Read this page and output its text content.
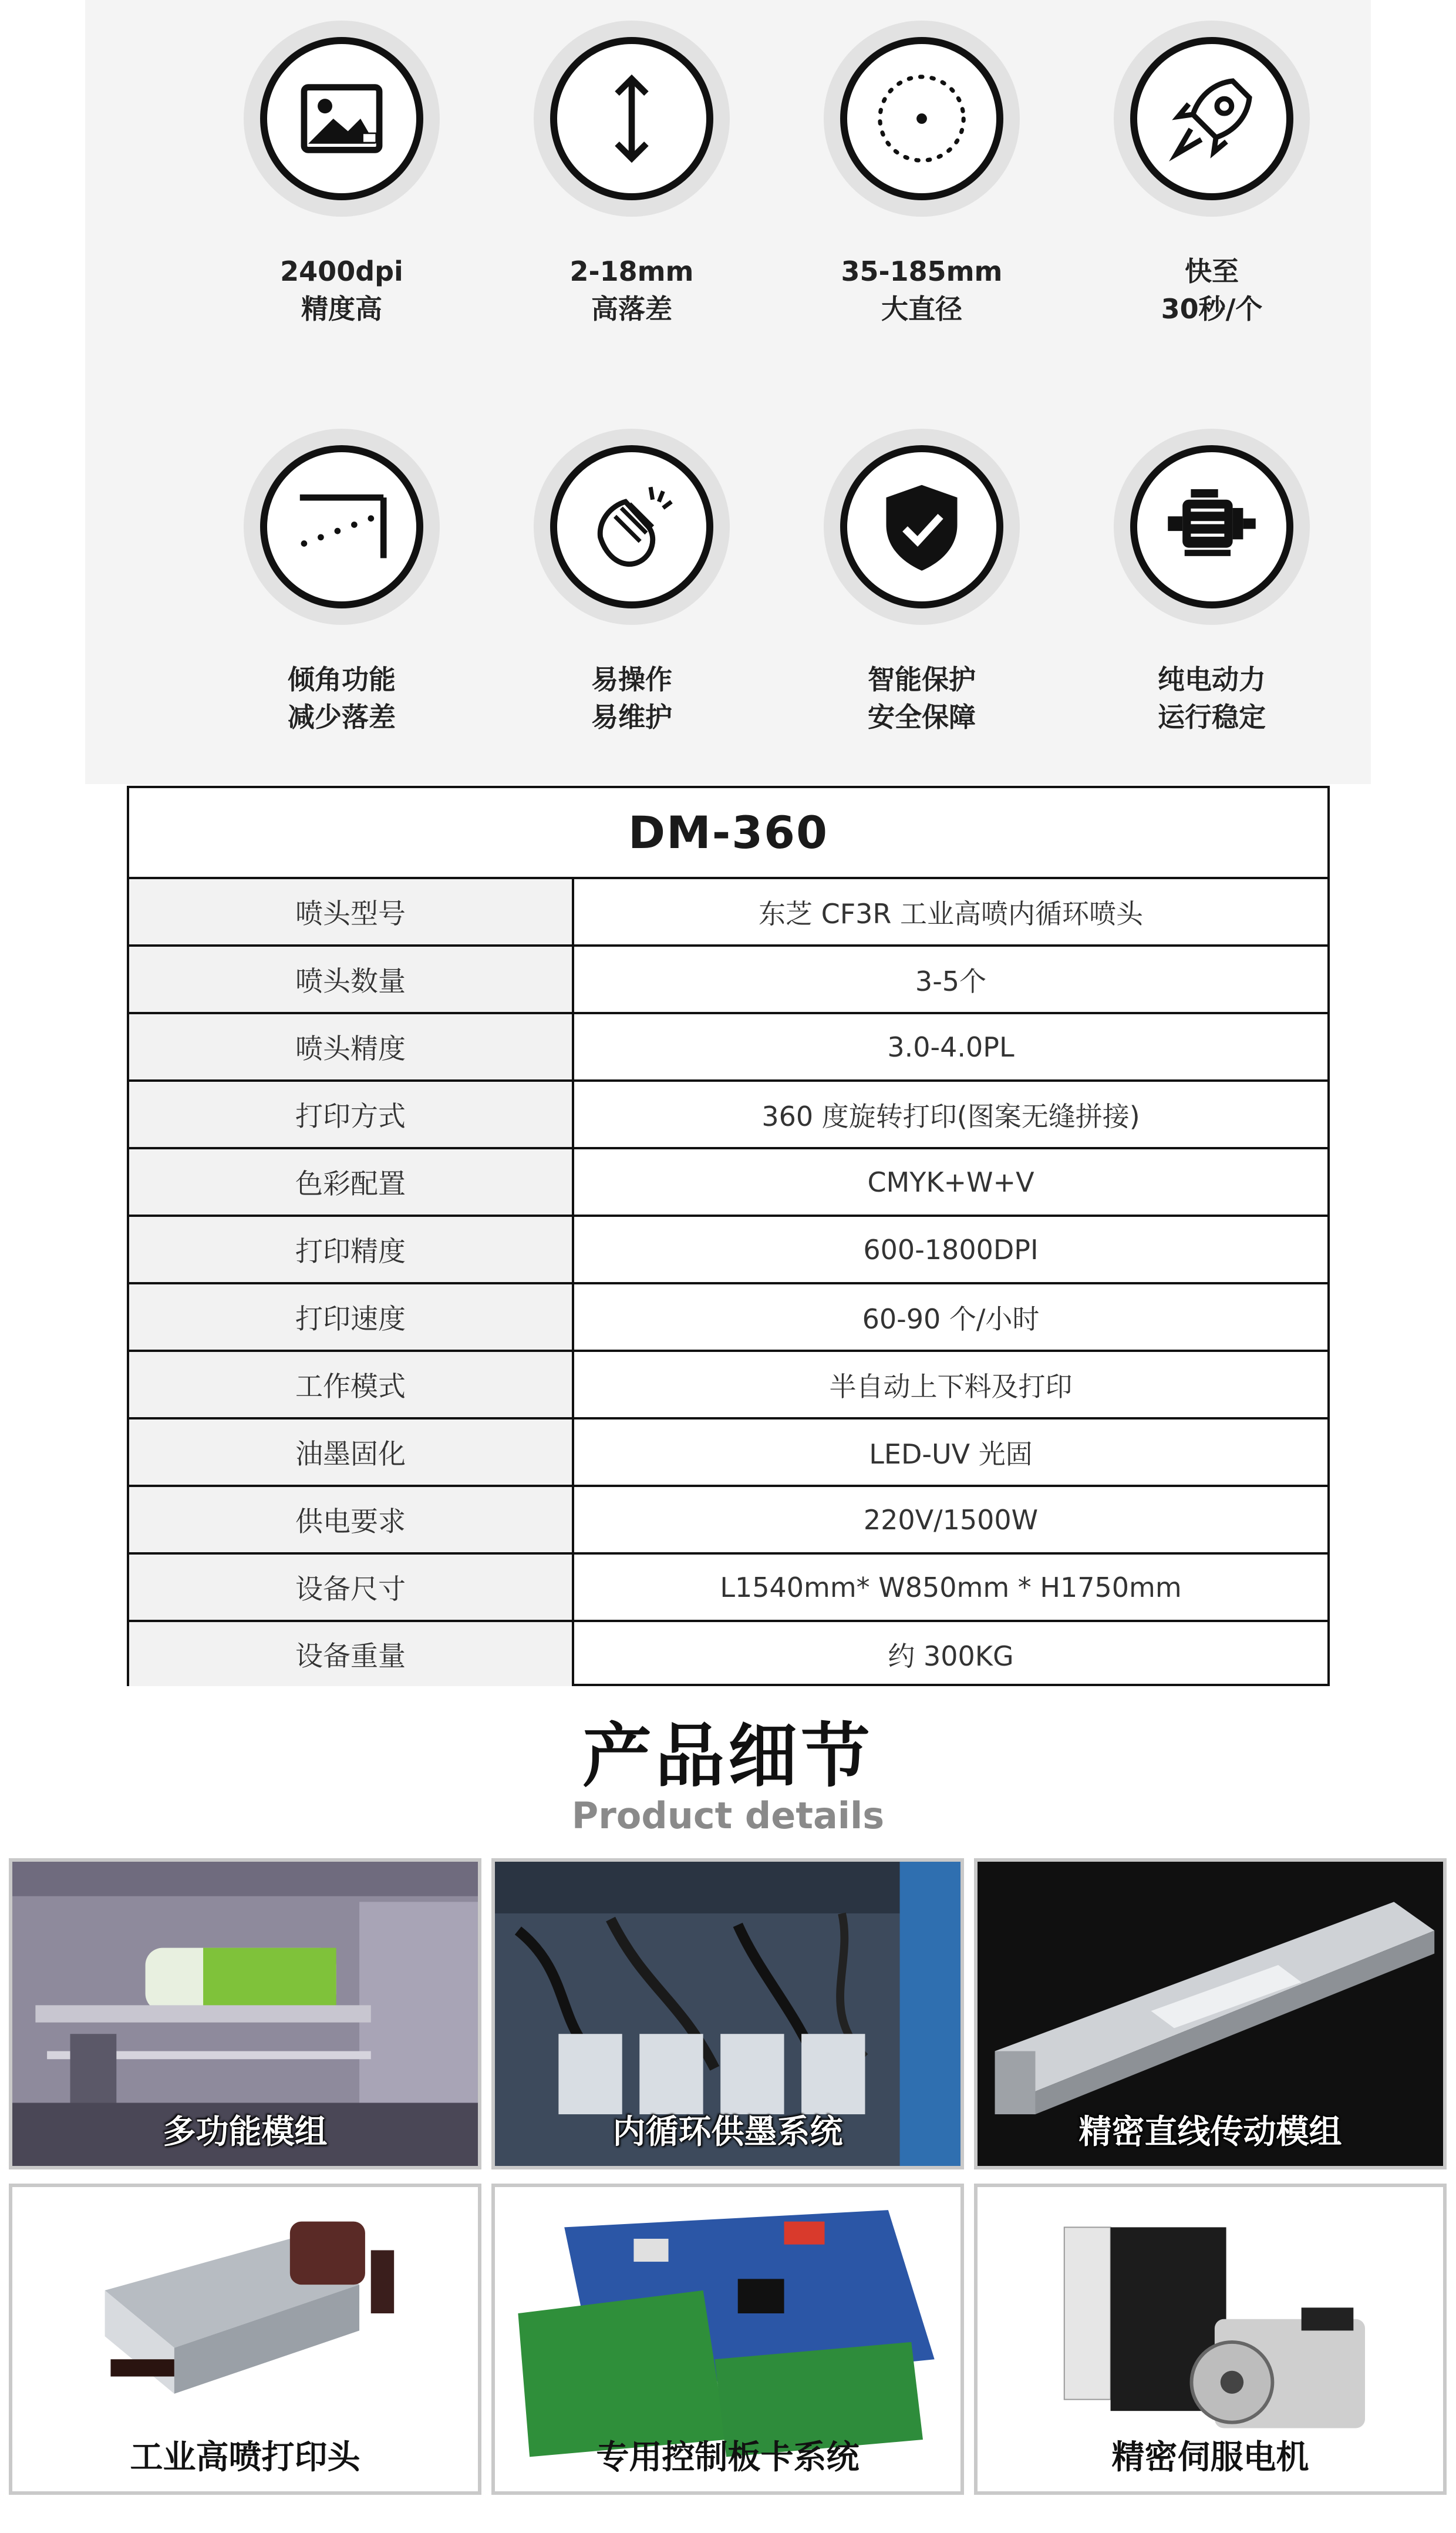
2400dpi
精度高
2-18mm
高落差
35-185mm
大直径
快至
30秒/个
倾角功能
减少落差
易操作
易维护
智能保护
安全保障
纯电动力
运行稳定
DM-360
喷头型号	东芝 CF3R 工业高喷内循环喷头
喷头数量	3-5个
喷头精度	3.0-4.0PL
打印方式	360 度旋转打印(图案无缝拼接)
色彩配置	CMYK+W+V
打印精度	600-1800DPI
打印速度	60-90 个/小时
工作模式	半自动上下料及打印
油墨固化	LED-UV 光固
供电要求	220V/1500W
设备尺寸	L1540mm* W850mm * H1750mm
设备重量	约 300KG
产品细节
Product details
多功能模组	内循环供墨系统	精密直线传动模组
工业高喷打印头	专用控制板卡系统	精密伺服电机
